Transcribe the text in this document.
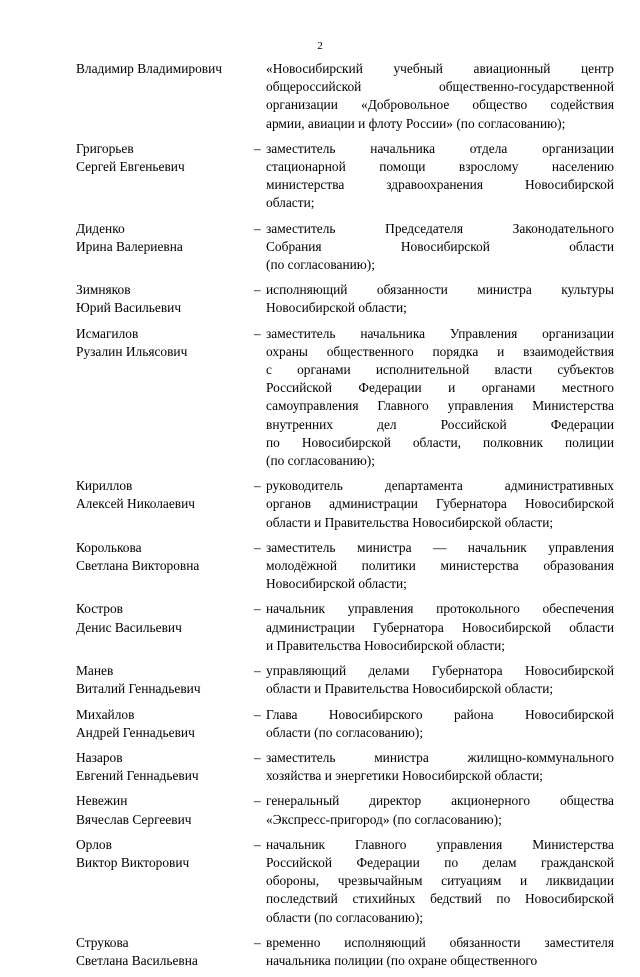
2
Владимир Владимирович	«Новосибирский учебный авиационный центр
общероссийской общественно-государственной
организации «Добровольное общество содействия
армии, авиации и флоту России» (по согласованию);
Григорьев
Сергей Евгеньевич
– заместитель начальника отдела организации
стационарной помощи взрослому населению
министерства здравоохранения Новосибирской
области;
Диденко
Ирина Валериевна
– заместитель Председателя Законодательного
Собрания Новосибирской области
(по согласованию);
Зимняков
Юрий Васильевич
– исполняющий обязанности министра культуры
Новосибирской области;
Исмагилов
Рузалин Ильясович
– заместитель начальника Управления организации
охраны общественного порядка и взаимодействия
с органами исполнительной власти субъектов
Российской Федерации и органами местного
самоуправления Главного управления Министерства
внутренних дел Российской Федерации
по Новосибирской области, полковник полиции
(по согласованию);
Кириллов
Алексей Николаевич
– руководитель департамента административных
органов администрации Губернатора Новосибирской
области и Правительства Новосибирской области;
Королькова
Светлана Викторовна
– заместитель министра — начальник управления
молодёжной политики министерства образования
Новосибирской области;
Костров
Денис Васильевич
– начальник управления протокольного обеспечения
администрации Губернатора Новосибирской области
и Правительства Новосибирской области;
Манев
Виталий Геннадьевич
– управляющий делами Губернатора Новосибирской
области и Правительства Новосибирской области;
Михайлов
Андрей Геннадьевич
– Глава Новосибирского района Новосибирской
области (по согласованию);
Назаров
Евгений Геннадьевич
– заместитель министра жилищно-коммунального
хозяйства и энергетики Новосибирской области;
Невежин
Вячеслав Сергеевич
– генеральный директор акционерного общества
«Экспресс-пригород» (по согласованию);
Орлов
Виктор Викторович
– начальник Главного управления Министерства
Российской Федерации по делам гражданской
обороны, чрезвычайным ситуациям и ликвидации
последствий стихийных бедствий по Новосибирской
области (по согласованию);
Струкова
Светлана Васильевна
– временно исполняющий обязанности заместителя
начальника полиции (по охране общественного
